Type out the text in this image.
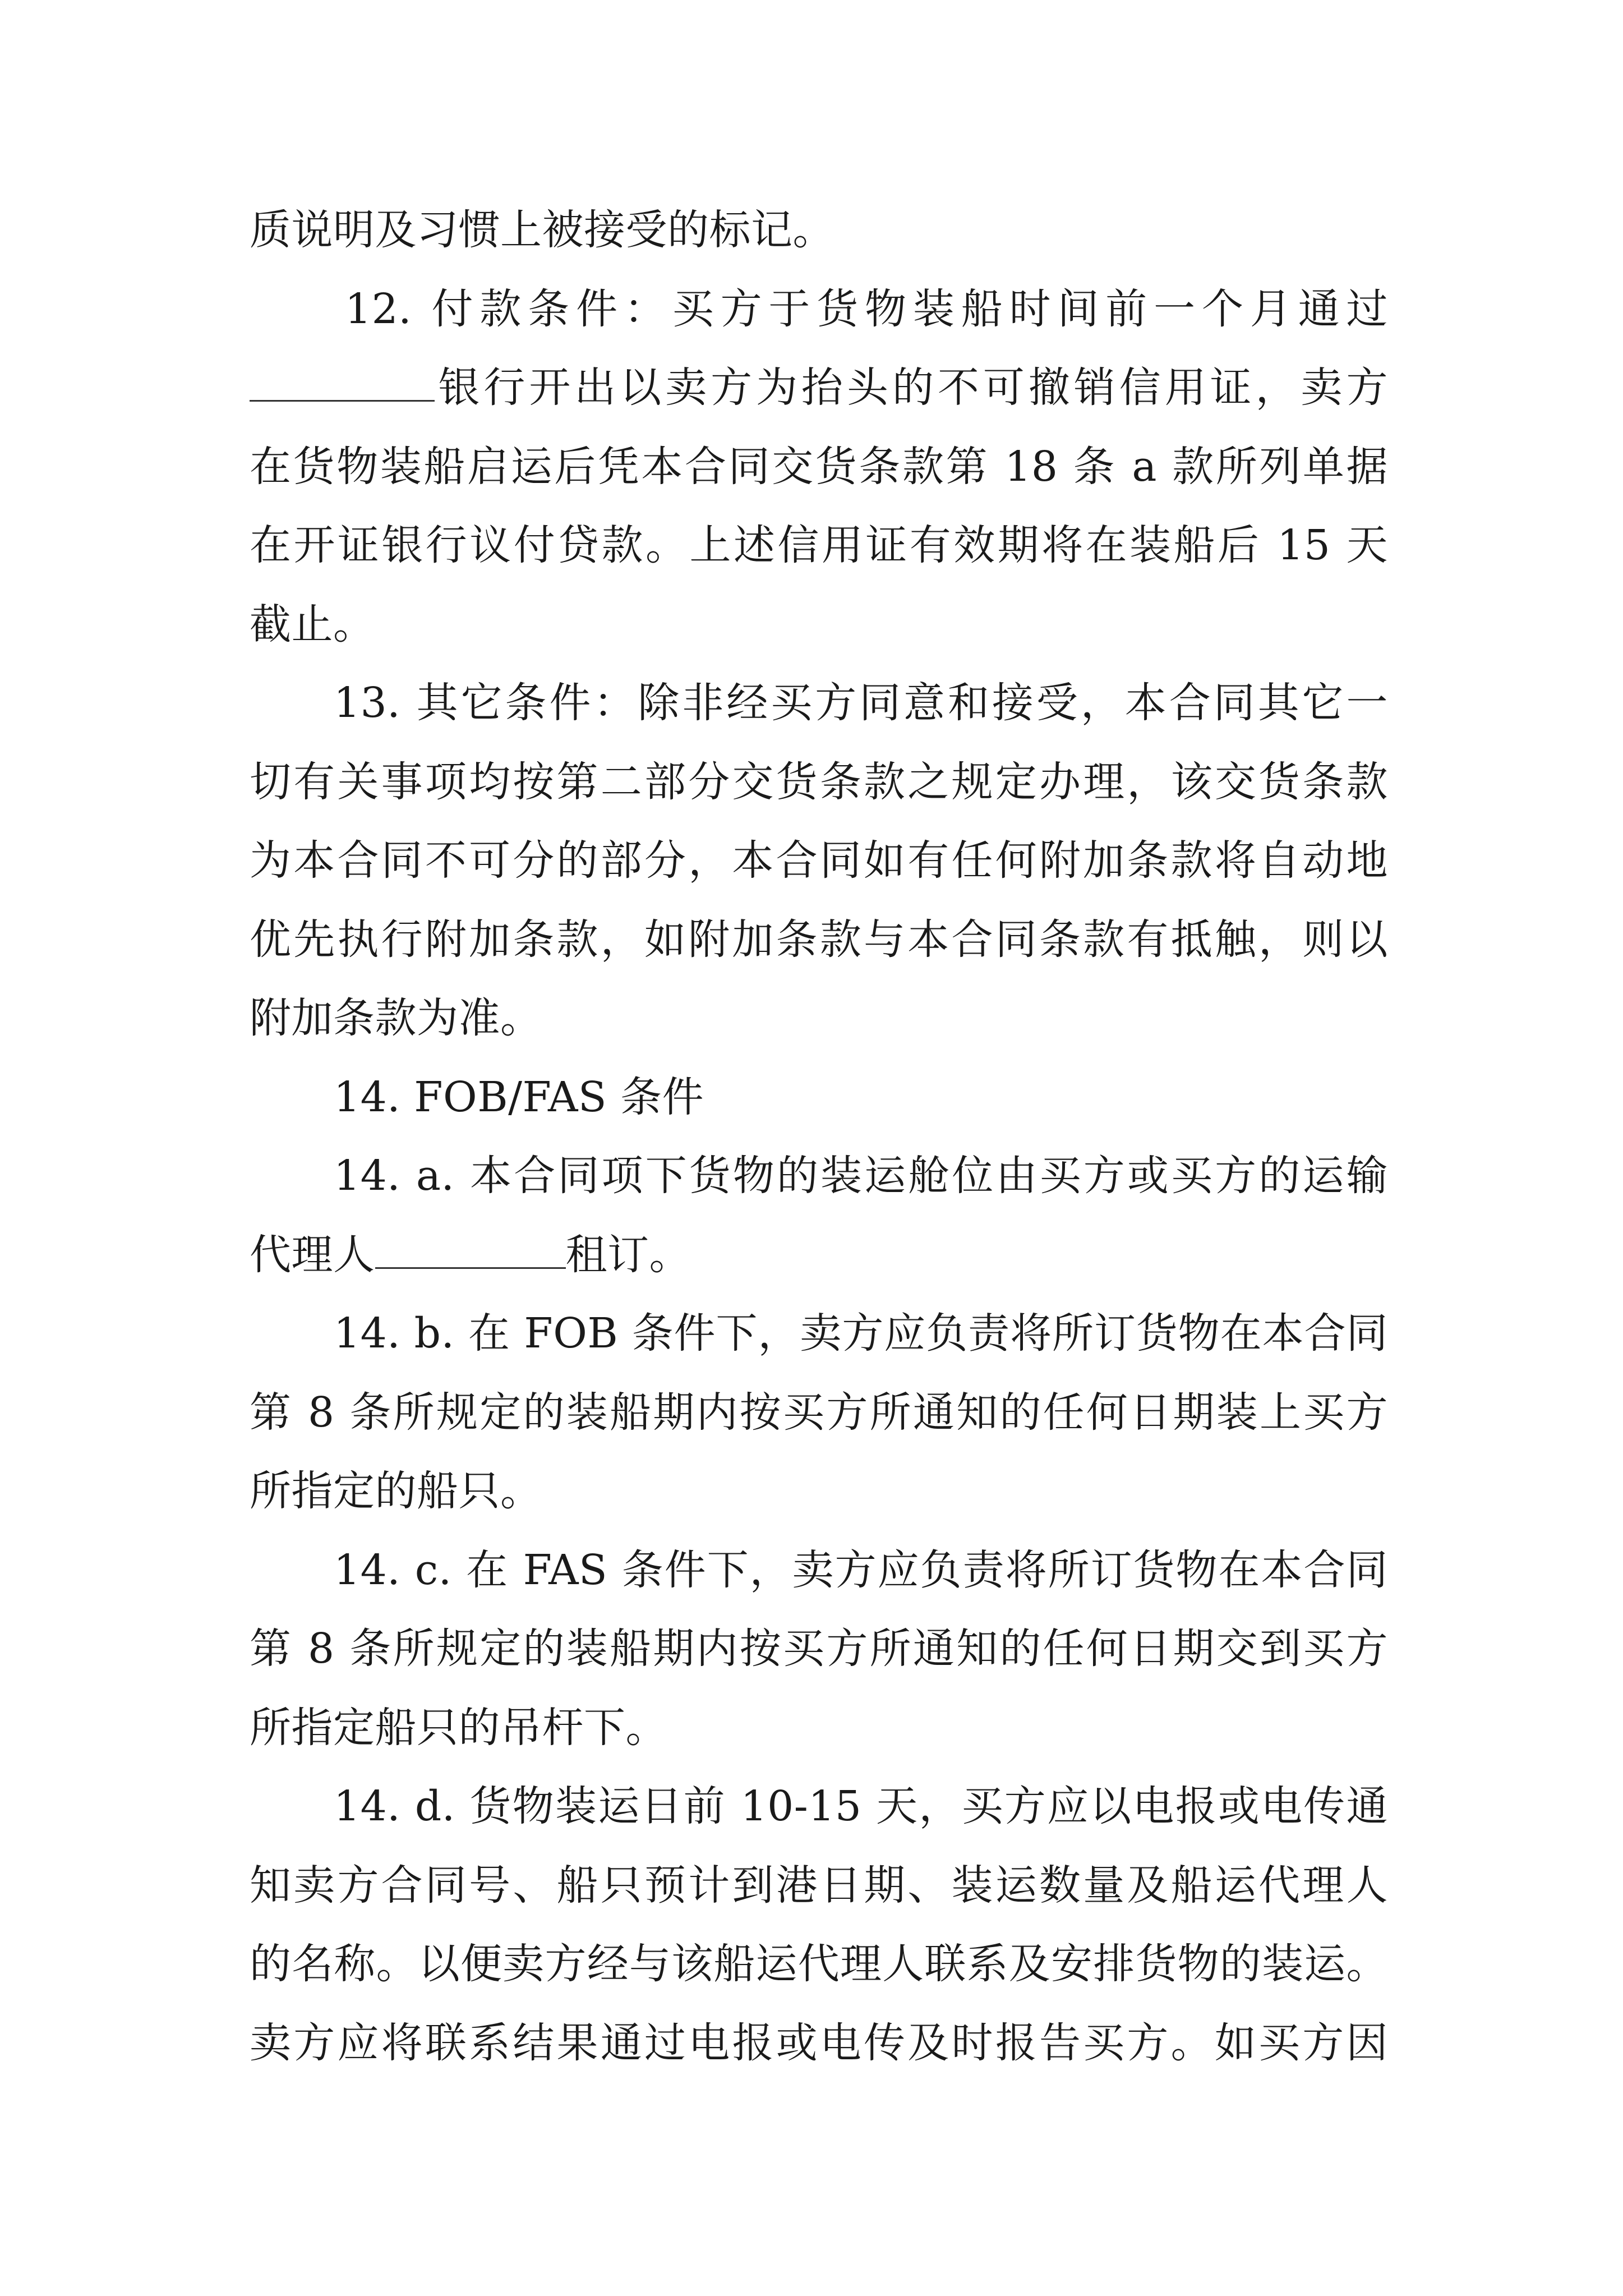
质说明及习惯上被接受的标记。
12. 付款条件：买方于货物装船时间前一个月通过
银行开出以卖方为抬头的不可撤销信用证，卖方
在货物装船启运后凭本合同交货条款第 18 条 a 款所列单据
在开证银行议付贷款。上述信用证有效期将在装船后 15 天
截止。
13. 其它条件：除非经买方同意和接受，本合同其它一
切有关事项均按第二部分交货条款之规定办理，该交货条款
为本合同不可分的部分，本合同如有任何附加条款将自动地
优先执行附加条款，如附加条款与本合同条款有抵触，则以
附加条款为准。
14. FOB/FAS 条件
14. a. 本合同项下货物的装运舱位由买方或买方的运输
代理人	租订。
14. b. 在 FOB 条件下，卖方应负责将所订货物在本合同
第 8 条所规定的装船期内按买方所通知的任何日期装上买方
所指定的船只。
14. c. 在 FAS 条件下，卖方应负责将所订货物在本合同
第 8 条所规定的装船期内按买方所通知的任何日期交到买方
所指定船只的吊杆下。
14. d. 货物装运日前 10-15 天，买方应以电报或电传通
知卖方合同号、船只预计到港日期、装运数量及船运代理人
的名称。以便卖方经与该船运代理人联系及安排货物的装运。
卖方应将联系结果通过电报或电传及时报告买方。如买方因
